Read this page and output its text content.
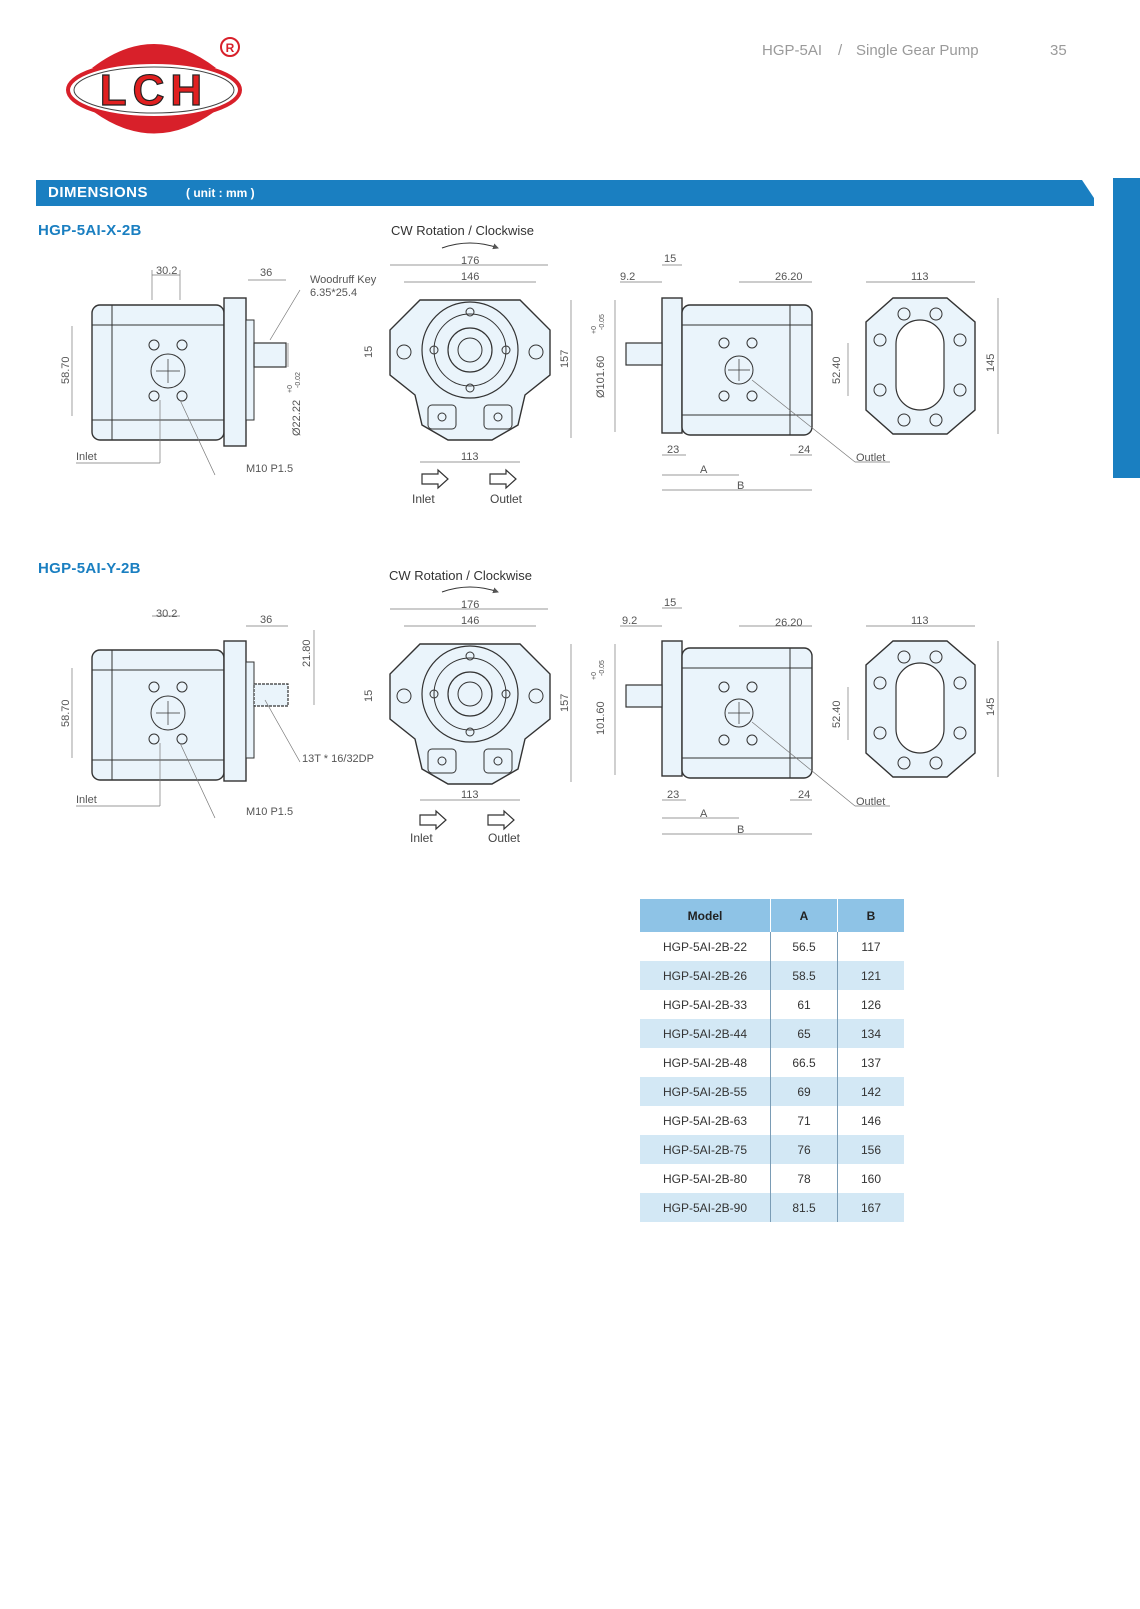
LCH
R	HGP-5AI / Single Gear Pump	35
DIMENSIONS	( unit : mm )
HGP-5AI-X-2B
HGP-5AI-Y-2B
30.2	36
Woodruff Key
6.35*25.4
58.70
Ø22.22
+0
-0.02
Inlet
M10 P1.5
CW Rotation / Clockwise
176
146
157
15
113
Inlet	Outlet
15
9.2	26.20
Ø101.60
+0
-0.05
52.40
23	24
A
B
Outlet
113
145
30.2	36
21.80
58.70
13T * 16/32DP
Inlet
M10 P1.5
CW Rotation / Clockwise
176
146
157
15
113
Inlet	Outlet
15
9.2	26.20
101.60
+0
-0.05
52.40
23	24
A
B
Outlet
113
145
Model	A	B
HGP-5AI-2B-22	56.5	117
HGP-5AI-2B-26	58.5	121
HGP-5AI-2B-33	61	126
HGP-5AI-2B-44	65	134
HGP-5AI-2B-48	66.5	137
HGP-5AI-2B-55	69	142
HGP-5AI-2B-63	71	146
HGP-5AI-2B-75	76	156
HGP-5AI-2B-80	78	160
HGP-5AI-2B-90	81.5	167
